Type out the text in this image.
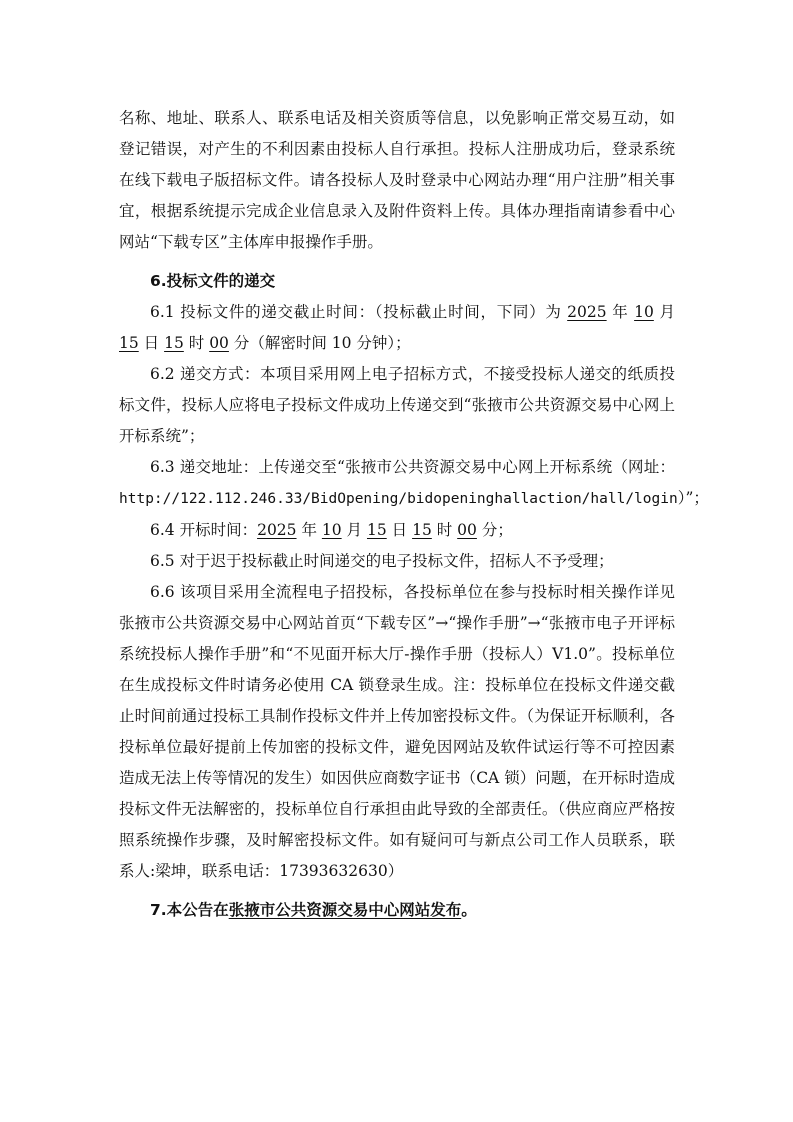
名称、地址、联系人、联系电话及相关资质等信息，以免影响正常交易互动，如登记错误，对产生的不利因素由投标人自行承担。投标人注册成功后，登录系统在线下载电子版招标文件。请各投标人及时登录中心网站办理“用户注册”相关事宜，根据系统提示完成企业信息录入及附件资料上传。具体办理指南请参看中心网站“下载专区”主体库申报操作手册。

6.投标文件的递交

6.1 投标文件的递交截止时间：（投标截止时间，下同）为 2025 年 10 月 15 日 15 时 00 分（解密时间 10 分钟）；

6.2 递交方式：本项目采用网上电子招标方式，不接受投标人递交的纸质投标文件，投标人应将电子投标文件成功上传递交到“张掖市公共资源交易中心网上开标系统”；

6.3 递交地址：上传递交至“张掖市公共资源交易中心网上开标系统（网址：http://122.112.246.33/BidOpening/bidopeninghallaction/hall/login）”；

6.4 开标时间：2025 年 10 月 15 日 15 时 00 分；

6.5 对于迟于投标截止时间递交的电子投标文件，招标人不予受理；

6.6 该项目采用全流程电子招投标，各投标单位在参与投标时相关操作详见张掖市公共资源交易中心网站首页“下载专区”→“操作手册”→“张掖市电子开评标系统投标人操作手册”和“不见面开标大厅-操作手册（投标人）V1.0”。投标单位在生成投标文件时请务必使用 CA 锁登录生成。注：投标单位在投标文件递交截止时间前通过投标工具制作投标文件并上传加密投标文件。（为保证开标顺利，各投标单位最好提前上传加密的投标文件，避免因网站及软件试运行等不可控因素造成无法上传等情况的发生）如因供应商数字证书（CA 锁）问题，在开标时造成投标文件无法解密的，投标单位自行承担由此导致的全部责任。（供应商应严格按照系统操作步骤，及时解密投标文件。如有疑问可与新点公司工作人员联系，联系人:梁坤，联系电话：17393632630）

7.本公告在张掖市公共资源交易中心网站发布。
